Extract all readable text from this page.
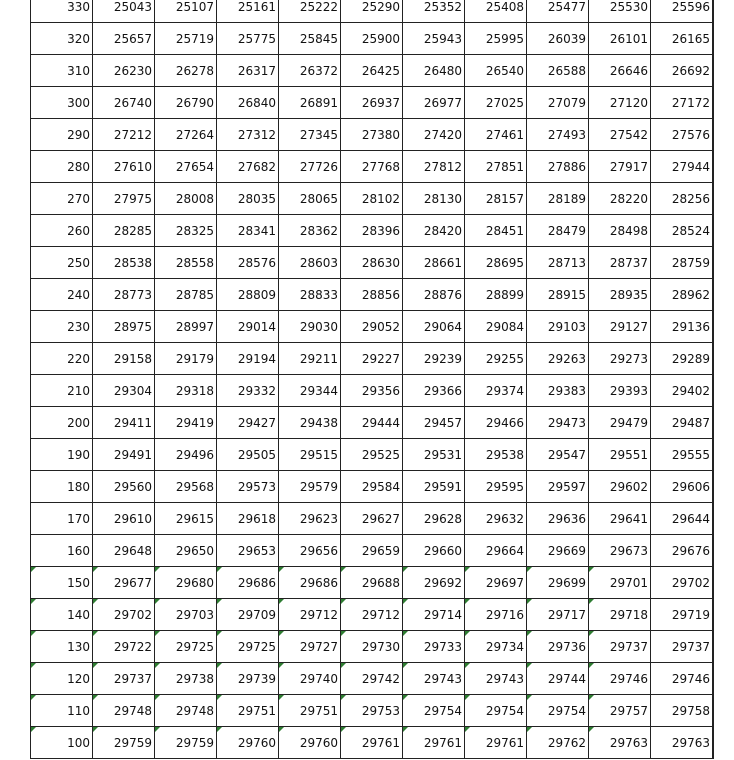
330	25043	25107	25161	25222	25290	25352	25408	25477	25530	25596
320	25657	25719	25775	25845	25900	25943	25995	26039	26101	26165
310	26230	26278	26317	26372	26425	26480	26540	26588	26646	26692
300	26740	26790	26840	26891	26937	26977	27025	27079	27120	27172
290	27212	27264	27312	27345	27380	27420	27461	27493	27542	27576
280	27610	27654	27682	27726	27768	27812	27851	27886	27917	27944
270	27975	28008	28035	28065	28102	28130	28157	28189	28220	28256
260	28285	28325	28341	28362	28396	28420	28451	28479	28498	28524
250	28538	28558	28576	28603	28630	28661	28695	28713	28737	28759
240	28773	28785	28809	28833	28856	28876	28899	28915	28935	28962
230	28975	28997	29014	29030	29052	29064	29084	29103	29127	29136
220	29158	29179	29194	29211	29227	29239	29255	29263	29273	29289
210	29304	29318	29332	29344	29356	29366	29374	29383	29393	29402
200	29411	29419	29427	29438	29444	29457	29466	29473	29479	29487
190	29491	29496	29505	29515	29525	29531	29538	29547	29551	29555
180	29560	29568	29573	29579	29584	29591	29595	29597	29602	29606
170	29610	29615	29618	29623	29627	29628	29632	29636	29641	29644
160	29648	29650	29653	29656	29659	29660	29664	29669	29673	29676
150	29677	29680	29686	29686	29688	29692	29697	29699	29701	29702
140	29702	29703	29709	29712	29712	29714	29716	29717	29718	29719
130	29722	29725	29725	29727	29730	29733	29734	29736	29737	29737
120	29737	29738	29739	29740	29742	29743	29743	29744	29746	29746
110	29748	29748	29751	29751	29753	29754	29754	29754	29757	29758
100	29759	29759	29760	29760	29761	29761	29761	29762	29763	29763
